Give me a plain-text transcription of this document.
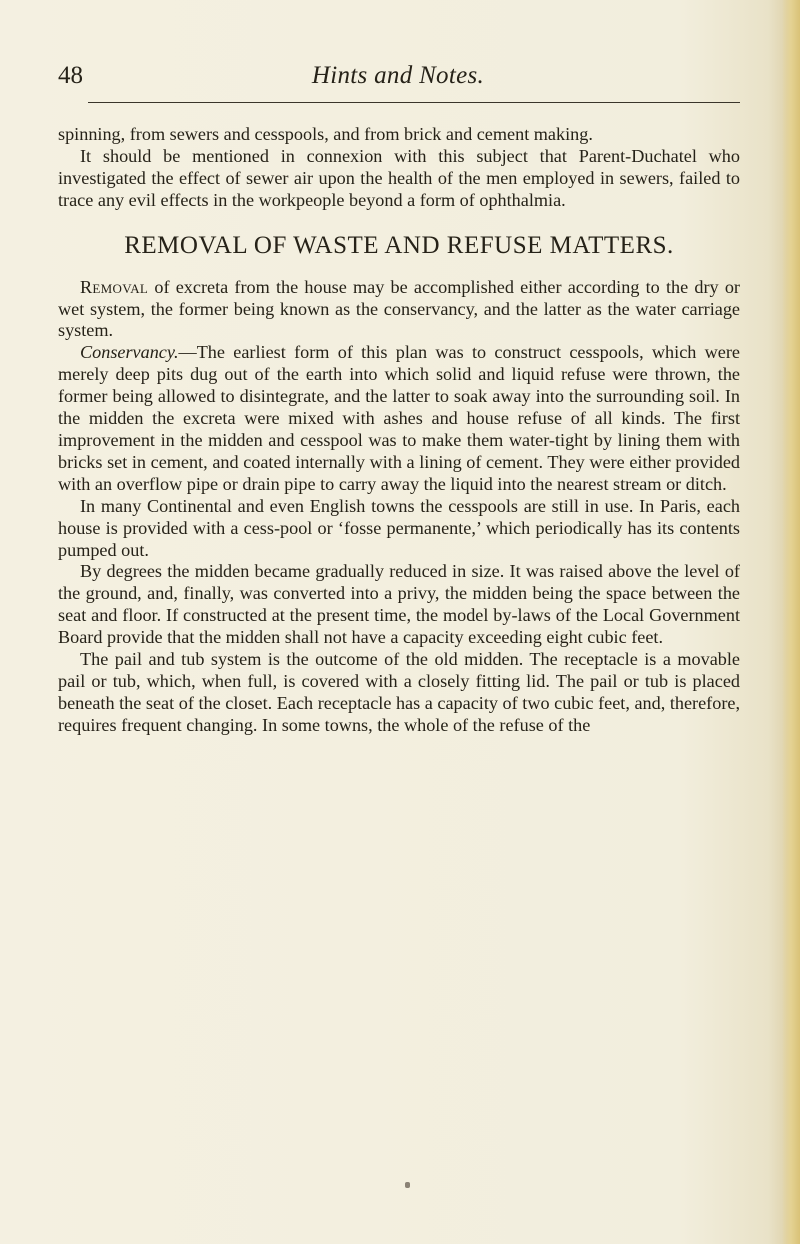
48	Hints and Notes.

spinning, from sewers and cesspools, and from brick and cement making.

It should be mentioned in connexion with this subject that Parent-Duchatel who investigated the effect of sewer air upon the health of the men employed in sewers, failed to trace any evil effects in the workpeople beyond a form of ophthalmia.

REMOVAL OF WASTE AND REFUSE MATTERS.

Removal of excreta from the house may be accomplished either according to the dry or wet system, the former being known as the conservancy, and the latter as the water carriage system.

Conservancy.—The earliest form of this plan was to construct cesspools, which were merely deep pits dug out of the earth into which solid and liquid refuse were thrown, the former being allowed to disintegrate, and the latter to soak away into the surrounding soil. In the midden the excreta were mixed with ashes and house refuse of all kinds. The first improvement in the midden and cesspool was to make them water-tight by lining them with bricks set in cement, and coated internally with a lining of cement. They were either provided with an overflow pipe or drain pipe to carry away the liquid into the nearest stream or ditch.

In many Continental and even English towns the cesspools are still in use. In Paris, each house is provided with a cess-pool or ‘fosse permanente,’ which periodically has its contents pumped out.

By degrees the midden became gradually reduced in size. It was raised above the level of the ground, and, finally, was converted into a privy, the midden being the space between the seat and floor. If constructed at the present time, the model by-laws of the Local Government Board provide that the midden shall not have a capacity exceeding eight cubic feet.

The pail and tub system is the outcome of the old midden. The receptacle is a movable pail or tub, which, when full, is covered with a closely fitting lid. The pail or tub is placed beneath the seat of the closet. Each receptacle has a capacity of two cubic feet, and, therefore, requires frequent changing. In some towns, the whole of the refuse of the
